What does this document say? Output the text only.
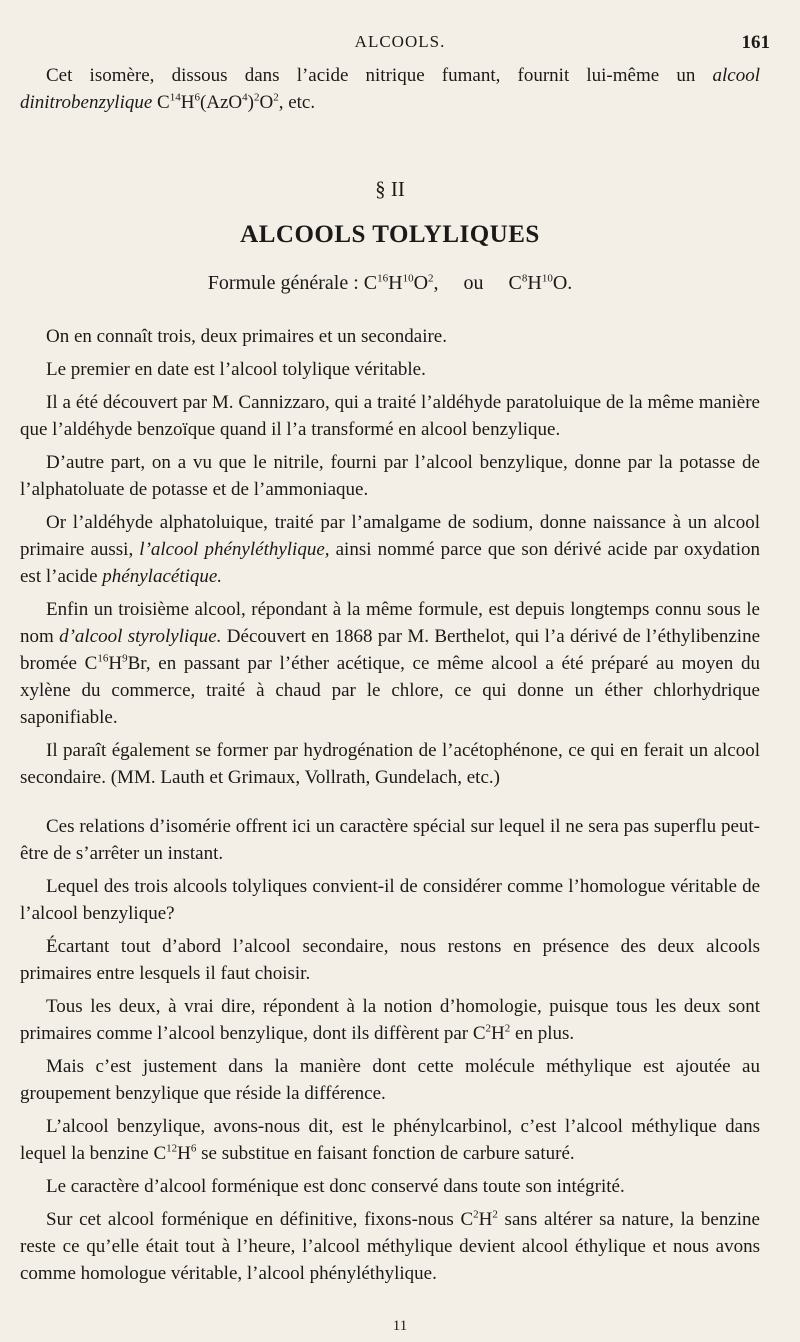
ALCOOLS.	161

Cet isomère, dissous dans l’acide nitrique fumant, fournit lui-même un alcool dinitrobenzylique $C^{14}H^6(AzO^4)^2O^2$, etc.

§ II
ALCOOLS TOLYLIQUES
Formule générale : $C^{16}H^{10}O^2$,     ou     $C^8H^{10}O$.

On en connaît trois, deux primaires et un secondaire.

Le premier en date est l’alcool tolylique véritable.

Il a été découvert par M. Cannizzaro, qui a traité l’aldéhyde paratoluique de la même manière que l’aldéhyde benzoïque quand il l’a transformé en alcool benzylique.

D’autre part, on a vu que le nitrile, fourni par l’alcool benzylique, donne par la potasse de l’alphatoluate de potasse et de l’ammoniaque.

Or l’aldéhyde alphatoluique, traité par l’amalgame de sodium, donne naissance à un alcool primaire aussi, l’alcool phényléthylique, ainsi nommé parce que son dérivé acide par oxydation est l’acide phénylacétique.

Enfin un troisième alcool, répondant à la même formule, est depuis longtemps connu sous le nom d’alcool styrolylique. Découvert en 1868 par M. Berthelot, qui l’a dérivé de l’éthylibenzine bromée $C^{16}H^9Br$, en passant par l’éther acétique, ce même alcool a été préparé au moyen du xylène du commerce, traité à chaud par le chlore, ce qui donne un éther chlorhydrique saponifiable.

Il paraît également se former par hydrogénation de l’acétophénone, ce qui en ferait un alcool secondaire. (MM. Lauth et Grimaux, Vollrath, Gundelach, etc.)

Ces relations d’isomérie offrent ici un caractère spécial sur lequel il ne sera pas superflu peut-être de s’arrêter un instant.

Lequel des trois alcools tolyliques convient-il de considérer comme l’homologue véritable de l’alcool benzylique?

Écartant tout d’abord l’alcool secondaire, nous restons en présence des deux alcools primaires entre lesquels il faut choisir.

Tous les deux, à vrai dire, répondent à la notion d’homologie, puisque tous les deux sont primaires comme l’alcool benzylique, dont ils diffèrent par $C^2H^2$ en plus.

Mais c’est justement dans la manière dont cette molécule méthylique est ajoutée au groupement benzylique que réside la différence.

L’alcool benzylique, avons-nous dit, est le phénylcarbinol, c’est l’alcool méthylique dans lequel la benzine $C^{12}H^6$ se substitue en faisant fonction de carbure saturé.

Le caractère d’alcool forménique est donc conservé dans toute son intégrité.

Sur cet alcool forménique en définitive, fixons-nous $C^2H^2$ sans altérer sa nature, la benzine reste ce qu’elle était tout à l’heure, l’alcool méthylique devient alcool éthylique et nous avons comme homologue véritable, l’alcool phényléthylique.

11
